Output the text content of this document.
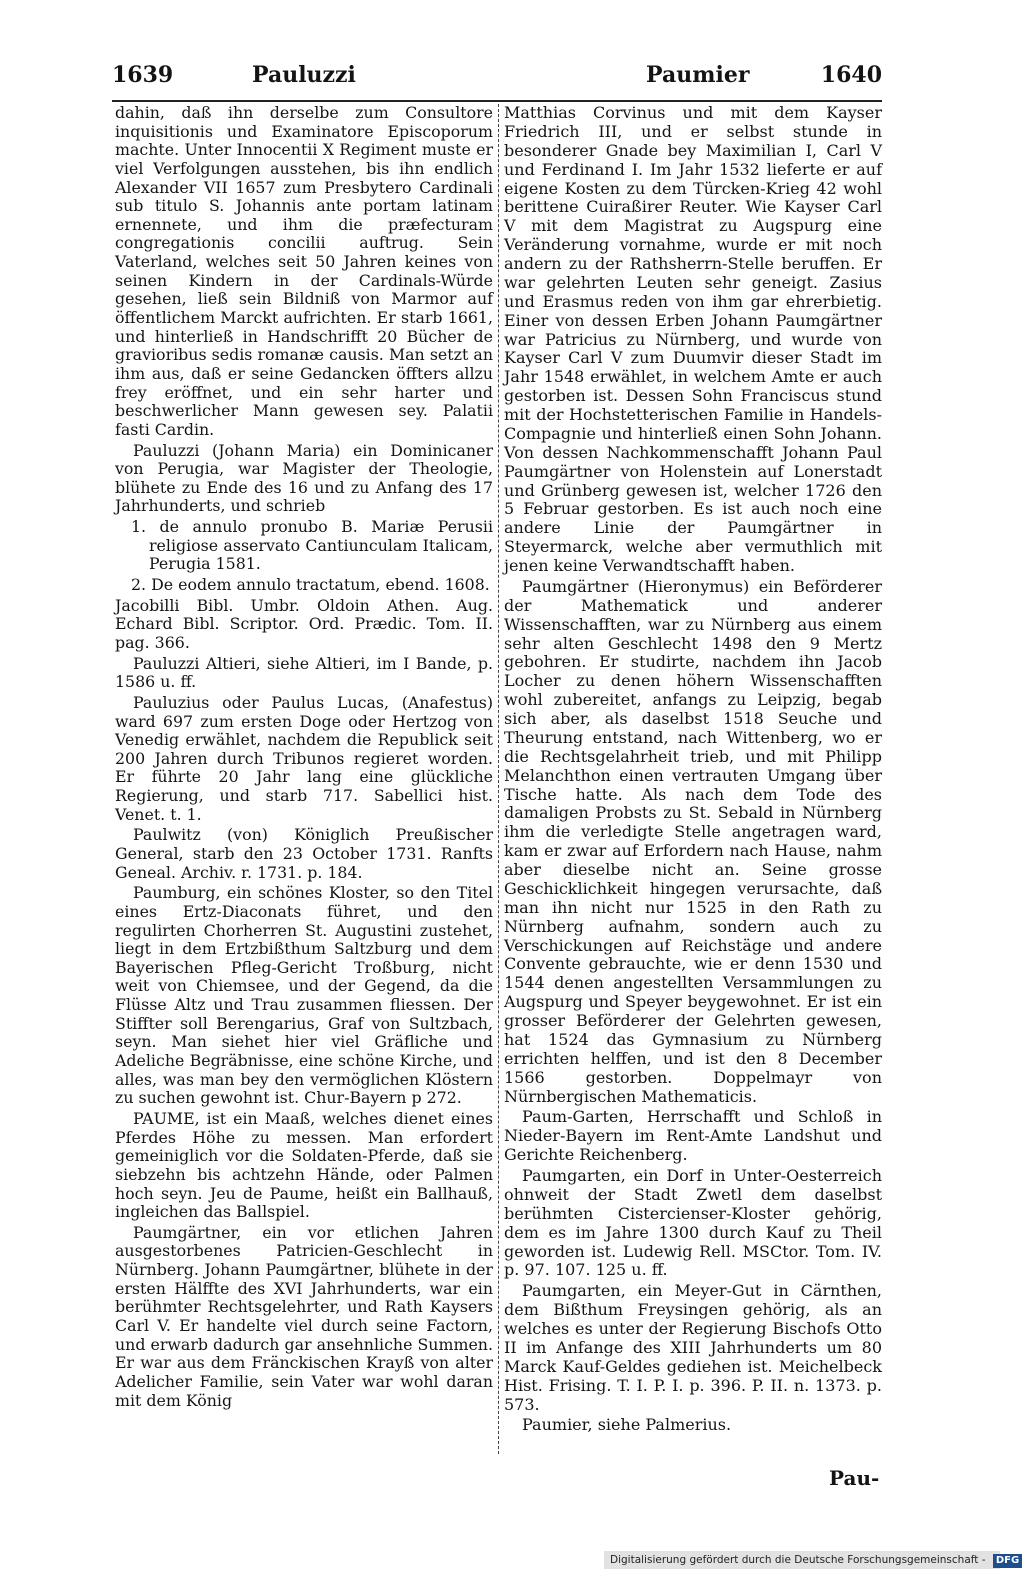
1639	Pauluzzi	Paumier	1640

dahin, daß ihn derselbe zum Consultore inquisitionis und Examinatore Episcoporum machte. Unter Innocentii X Regiment muste er viel Verfolgungen ausstehen, bis ihn endlich Alexander VII 1657 zum Presbytero Cardinali sub titulo S. Johannis ante portam latinam ernennete, und ihm die præfecturam congregationis concilii auftrug. Sein Vaterland, welches seit 50 Jahren keines von seinen Kindern in der Cardinals-Würde gesehen, ließ sein Bildniß von Marmor auf öffentlichem Marckt aufrichten. Er starb 1661, und hinterließ in Handschrifft 20 Bücher de gravioribus sedis romanæ causis. Man setzt an ihm aus, daß er seine Gedancken öffters allzu frey eröffnet, und ein sehr harter und beschwerlicher Mann gewesen sey. Palatii fasti Cardin.

Pauluzzi (Johann Maria) ein Dominicaner von Perugia, war Magister der Theologie, blühete zu Ende des 16 und zu Anfang des 17 Jahrhunderts, und schrieb

1. de annulo pronubo B. Mariæ Perusii religiose asservato Cantiunculam Italicam, Perugia 1581.

2. De eodem annulo tractatum, ebend. 1608.

Jacobilli Bibl. Umbr. Oldoin Athen. Aug. Echard Bibl. Scriptor. Ord. Prædic. Tom. II. pag. 366.

Pauluzzi Altieri, siehe Altieri, im I Bande, p. 1586 u. ff.

Pauluzius oder Paulus Lucas, (Anafestus) ward 697 zum ersten Doge oder Hertzog von Venedig erwählet, nachdem die Republick seit 200 Jahren durch Tribunos regieret worden. Er führte 20 Jahr lang eine glückliche Regierung, und starb 717. Sabellici hist. Venet. t. 1.

Paulwitz (von) Königlich Preußischer General, starb den 23 October 1731. Ranfts Geneal. Archiv. r. 1731. p. 184.

Paumburg, ein schönes Kloster, so den Titel eines Ertz-Diaconats führet, und den regulirten Chorherren St. Augustini zustehet, liegt in dem Ertzbißthum Saltzburg und dem Bayerischen Pfleg-Gericht Troßburg, nicht weit von Chiemsee, und der Gegend, da die Flüsse Altz und Trau zusammen fliessen. Der Stiffter soll Berengarius, Graf von Sultzbach, seyn. Man siehet hier viel Gräfliche und Adeliche Begräbnisse, eine schöne Kirche, und alles, was man bey den vermöglichen Klöstern zu suchen gewohnt ist. Chur-Bayern p 272.

PAUME, ist ein Maaß, welches dienet eines Pferdes Höhe zu messen. Man erfordert gemeiniglich vor die Soldaten-Pferde, daß sie siebzehn bis achtzehn Hände, oder Palmen hoch seyn. Jeu de Paume, heißt ein Ballhauß, ingleichen das Ballspiel.

Paumgärtner, ein vor etlichen Jahren ausgestorbenes Patricien-Geschlecht in Nürnberg. Johann Paumgärtner, blühete in der ersten Hälffte des XVI Jahrhunderts, war ein berühmter Rechtsgelehrter, und Rath Kaysers Carl V. Er handelte viel durch seine Factorn, und erwarb dadurch gar ansehnliche Summen. Er war aus dem Fränckischen Krayß von alter Adelicher Familie, sein Vater war wohl daran mit dem König

Matthias Corvinus und mit dem Kayser Friedrich III, und er selbst stunde in besonderer Gnade bey Maximilian I, Carl V und Ferdinand I. Im Jahr 1532 lieferte er auf eigene Kosten zu dem Türcken-Krieg 42 wohl berittene Cuiraßirer Reuter. Wie Kayser Carl V mit dem Magistrat zu Augspurg eine Veränderung vornahme, wurde er mit noch andern zu der Rathsherrn-Stelle beruffen. Er war gelehrten Leuten sehr geneigt. Zasius und Erasmus reden von ihm gar ehrerbietig. Einer von dessen Erben Johann Paumgärtner war Patricius zu Nürnberg, und wurde von Kayser Carl V zum Duumvir dieser Stadt im Jahr 1548 erwählet, in welchem Amte er auch gestorben ist. Dessen Sohn Franciscus stund mit der Hochstetterischen Familie in Handels-Compagnie und hinterließ einen Sohn Johann. Von dessen Nachkommenschafft Johann Paul Paumgärtner von Holenstein auf Lonerstadt und Grünberg gewesen ist, welcher 1726 den 5 Februar gestorben. Es ist auch noch eine andere Linie der Paumgärtner in Steyermarck, welche aber vermuthlich mit jenen keine Verwandtschafft haben.

Paumgärtner (Hieronymus) ein Beförderer der Mathematick und anderer Wissenschafften, war zu Nürnberg aus einem sehr alten Geschlecht 1498 den 9 Mertz gebohren. Er studirte, nachdem ihn Jacob Locher zu denen höhern Wissenschafften wohl zubereitet, anfangs zu Leipzig, begab sich aber, als daselbst 1518 Seuche und Theurung entstand, nach Wittenberg, wo er die Rechtsgelahrheit trieb, und mit Philipp Melanchthon einen vertrauten Umgang über Tische hatte. Als nach dem Tode des damaligen Probsts zu St. Sebald in Nürnberg ihm die verledigte Stelle angetragen ward, kam er zwar auf Erfordern nach Hause, nahm aber dieselbe nicht an. Seine grosse Geschicklichkeit hingegen verursachte, daß man ihn nicht nur 1525 in den Rath zu Nürnberg aufnahm, sondern auch zu Verschickungen auf Reichstäge und andere Convente gebrauchte, wie er denn 1530 und 1544 denen angestellten Versammlungen zu Augspurg und Speyer beygewohnet. Er ist ein grosser Beförderer der Gelehrten gewesen, hat 1524 das Gymnasium zu Nürnberg errichten helffen, und ist den 8 December 1566 gestorben. Doppelmayr von Nürnbergischen Mathematicis.

Paum-Garten, Herrschafft und Schloß in Nieder-Bayern im Rent-Amte Landshut und Gerichte Reichenberg.

Paumgarten, ein Dorf in Unter-Oesterreich ohnweit der Stadt Zwetl dem daselbst berühmten Cistercienser-Kloster gehörig, dem es im Jahre 1300 durch Kauf zu Theil geworden ist. Ludewig Rell. MSCtor. Tom. IV. p. 97. 107. 125 u. ff.

Paumgarten, ein Meyer-Gut in Cärnthen, dem Bißthum Freysingen gehörig, als an welches es unter der Regierung Bischofs Otto II im Anfange des XIII Jahrhunderts um 80 Marck Kauf-Geldes gediehen ist. Meichelbeck Hist. Frising. T. I. P. I. p. 396. P. II. n. 1373. p. 573.

Paumier, siehe Palmerius.

Pau-
Digitalisierung gefördert durch die Deutsche Forschungsgemeinschaft - DFG
